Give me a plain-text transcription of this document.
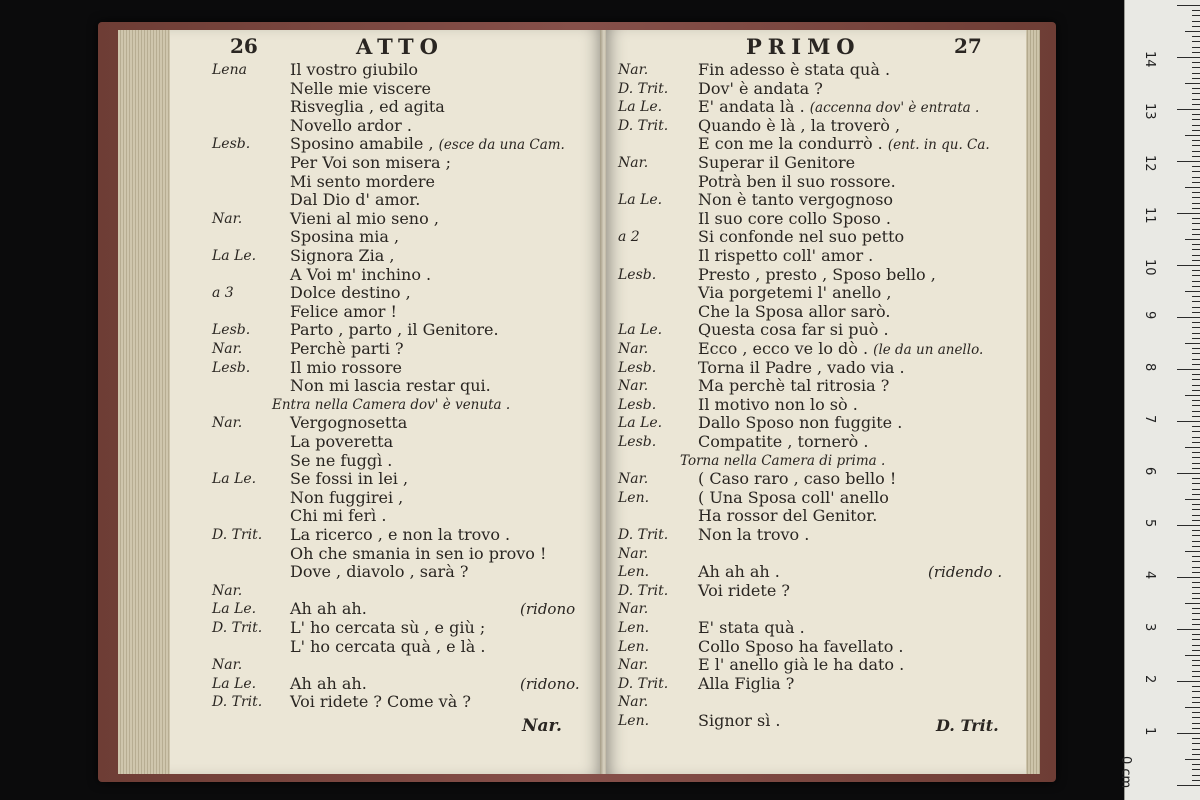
26	ATTO
Lena	Il vostro giubilo
Nelle mie viscere
Risveglia , ed agita
Novello ardor .
Lesb. Sposino amabile , (esce da una Cam.
Per Voi son misera ;
Mi sento mordere
Dal Dio d' amor.
Nar.	Vieni al mio seno ,
Sposina mia ,
La Le. Signora Zia ,
A Voi m' inchino .
a 3	Dolce destino ,
Felice amor !
Lesb. Parto , parto , il Genitore.
Nar.	Perchè parti ?
Lesb. Il mio rossore
Non mi lascia restar qui.
Entra nella Camera dov' è venuta .
Nar.	Vergognosetta
La poveretta
Se ne fuggì .
La Le. Se fossi in lei ,
Non fuggirei ,
Chi mi ferì .
D. Trit. La ricerco , e non la trovo .
Oh che smania in sen io provo !
Dove , diavolo , sarà ?
Nar.
La Le. Ah ah ah.	(ridono
D. Trit. L' ho cercata sù , e giù ;
L' ho cercata quà , e là .
Nar.
La Le. Ah ah ah.	(ridono.
D. Trit. Voi ridete ? Come và ?
Nar.
PRIMO	27
Nar.	Fin adesso è stata quà .
D. Trit. Dov' è andata ?
La Le. E' andata là . (accenna dov' è entrata .
D. Trit. Quando è là , la troverò ,
E con me la condurrò . (ent. in qu. Ca.
Nar.	Superar il Genitore
Potrà ben il suo rossore.
La Le. Non è tanto vergognoso
Il suo core collo Sposo .
a 2	Si confonde nel suo petto
Il rispetto coll' amor .
Lesb.	Presto , presto , Sposo bello ,
Via porgetemi l' anello ,
Che la Sposa allor sarò.
La Le. Questa cosa far si può .
Nar.	Ecco , ecco ve lo dò . (le da un anello.
Lesb.	Torna il Padre , vado via .
Nar.	Ma perchè tal ritrosia ?
Lesb.	Il motivo non lo sò .
La Le. Dallo Sposo non fuggite .
Lesb.	Compatite , tornerò .
Torna nella Camera di prima .
Nar.	( Caso raro , caso bello !
Len.	( Una Sposa coll' anello
Ha rossor del Genitor.
D. Trit. Non la trovo .
Nar.
Len.	Ah ah ah .	(ridendo .
D. Trit. Voi ridete ?
Nar.
Len.	E' stata quà .
Len.	Collo Sposo ha favellato .
Nar.	E l' anello già le ha dato .
D. Trit. Alla Figlia ?
Nar.
Len.	Signor sì .	D. Trit.
0 cm
1
2
3
4
5
6
7
8
9
10
11
12
13
14
